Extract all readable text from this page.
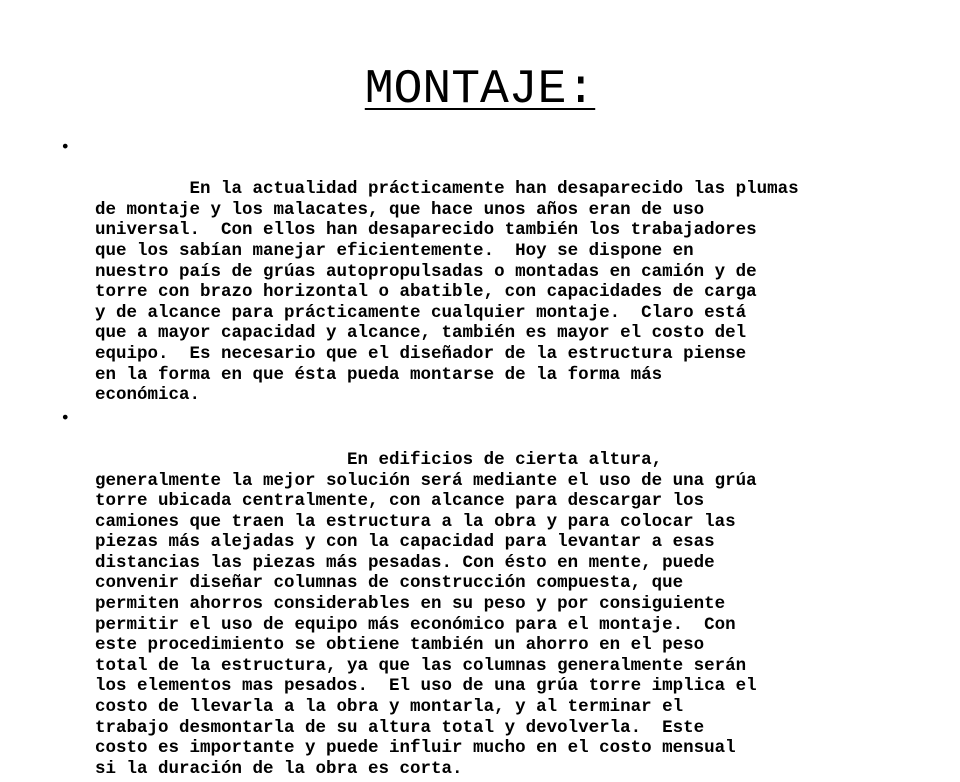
MONTAJE:

•

En la actualidad prácticamente han desaparecido las plumas
de montaje y los malacates, que hace unos años eran de uso
universal.  Con ellos han desaparecido también los trabajadores
que los sabían manejar eficientemente.  Hoy se dispone en
nuestro país de grúas autopropulsadas o montadas en camión y de
torre con brazo horizontal o abatible, con capacidades de carga
y de alcance para prácticamente cualquier montaje.  Claro está
que a mayor capacidad y alcance, también es mayor el costo del
equipo.  Es necesario que el diseñador de la estructura piense
en la forma en que ésta pueda montarse de la forma más
económica.

•

En edificios de cierta altura,
generalmente la mejor solución será mediante el uso de una grúa
torre ubicada centralmente, con alcance para descargar los
camiones que traen la estructura a la obra y para colocar las
piezas más alejadas y con la capacidad para levantar a esas
distancias las piezas más pesadas. Con ésto en mente, puede
convenir diseñar columnas de construcción compuesta, que
permiten ahorros considerables en su peso y por consiguiente
permitir el uso de equipo más económico para el montaje.  Con
este procedimiento se obtiene también un ahorro en el peso
total de la estructura, ya que las columnas generalmente serán
los elementos mas pesados.  El uso de una grúa torre implica el
costo de llevarla a la obra y montarla, y al terminar el
trabajo desmontarla de su altura total y devolverla.  Este
costo es importante y puede influir mucho en el costo mensual
si la duración de la obra es corta.
